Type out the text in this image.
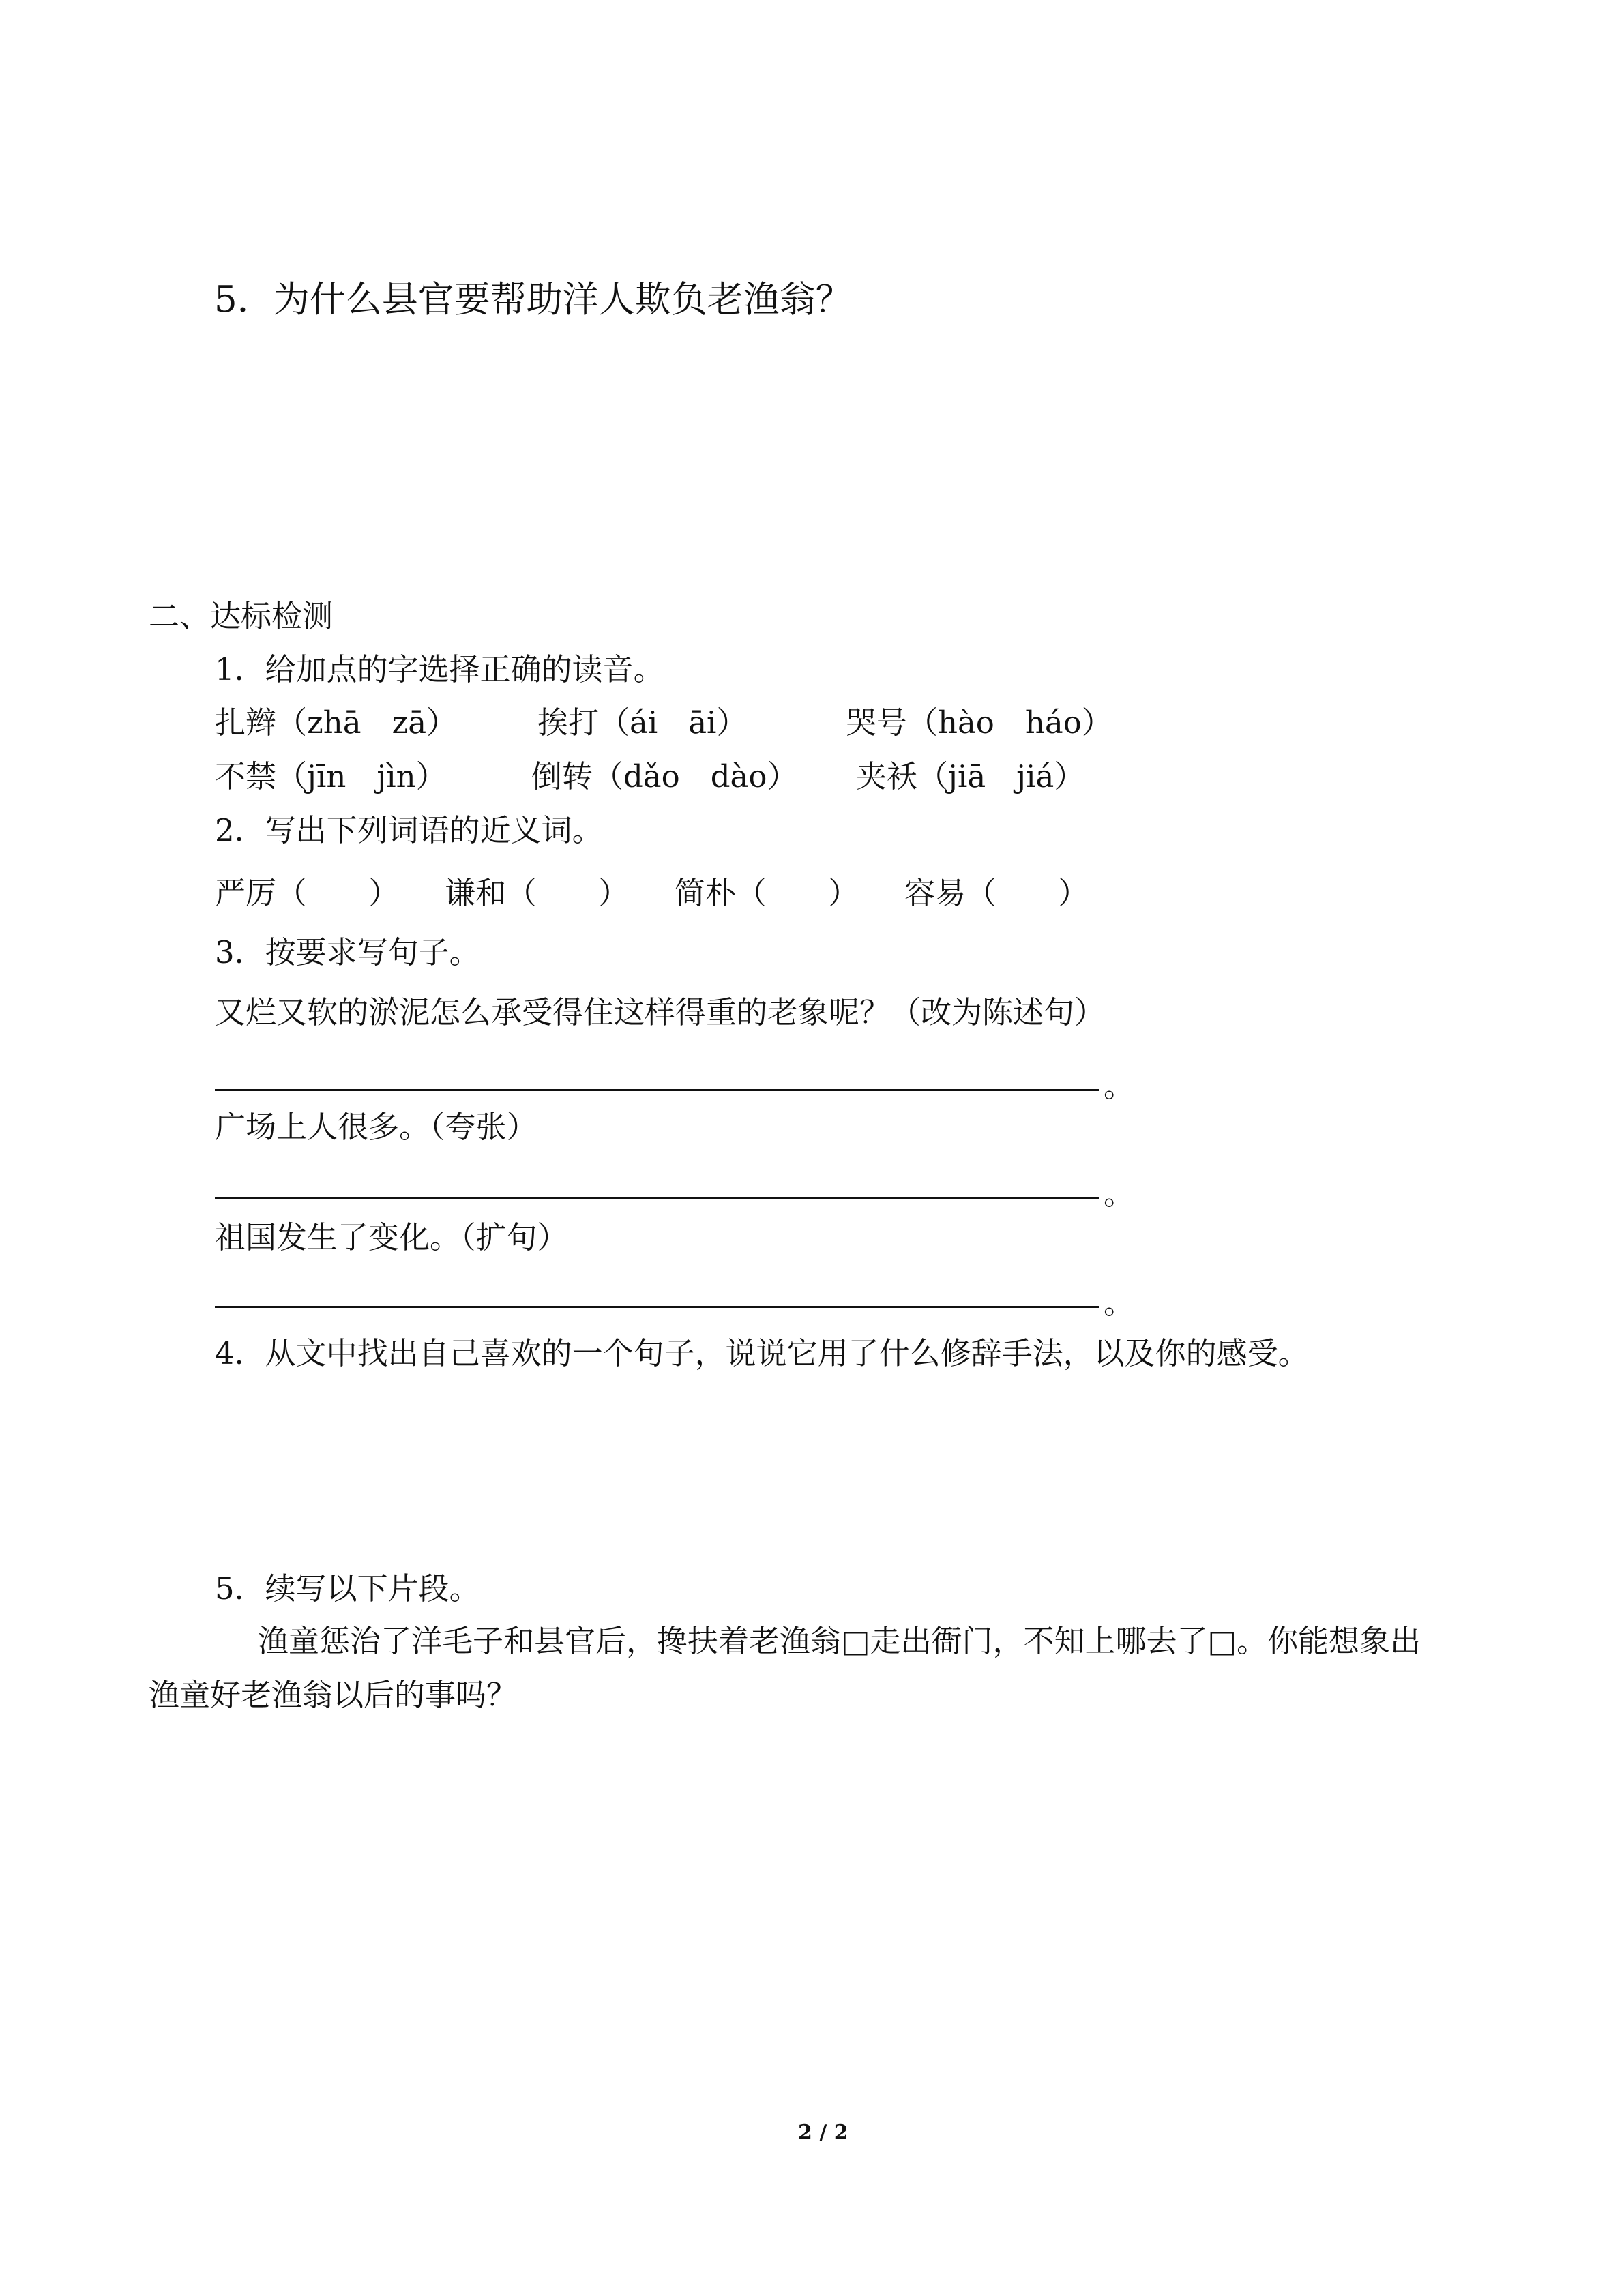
5．为什么县官要帮助洋人欺负老渔翁？
二、达标检测
1．给加点的字选择正确的读音。
扎辫（zhā　zā）	挨打（ái　āi）	哭号（hào　háo）
不禁（jīn　jìn）	倒转（dǎo　dào） 夹袄（jiā　jiá）
2．写出下列词语的近义词。
严厉（　　） 谦和（　　） 简朴（　　） 容易（　　）
3．按要求写句子。
又烂又软的淤泥怎么承受得住这样得重的老象呢？（改为陈述句）
。
广场上人很多。（夸张）
。
祖国发生了变化。（扩句）
。
4．从文中找出自己喜欢的一个句子，说说它用了什么修辞手法，以及你的感受。
5．续写以下片段。
渔童惩治了洋毛子和县官后，搀扶着老渔翁□走出衙门，不知上哪去了□。你能想象出
渔童好老渔翁以后的事吗？
2 / 2
